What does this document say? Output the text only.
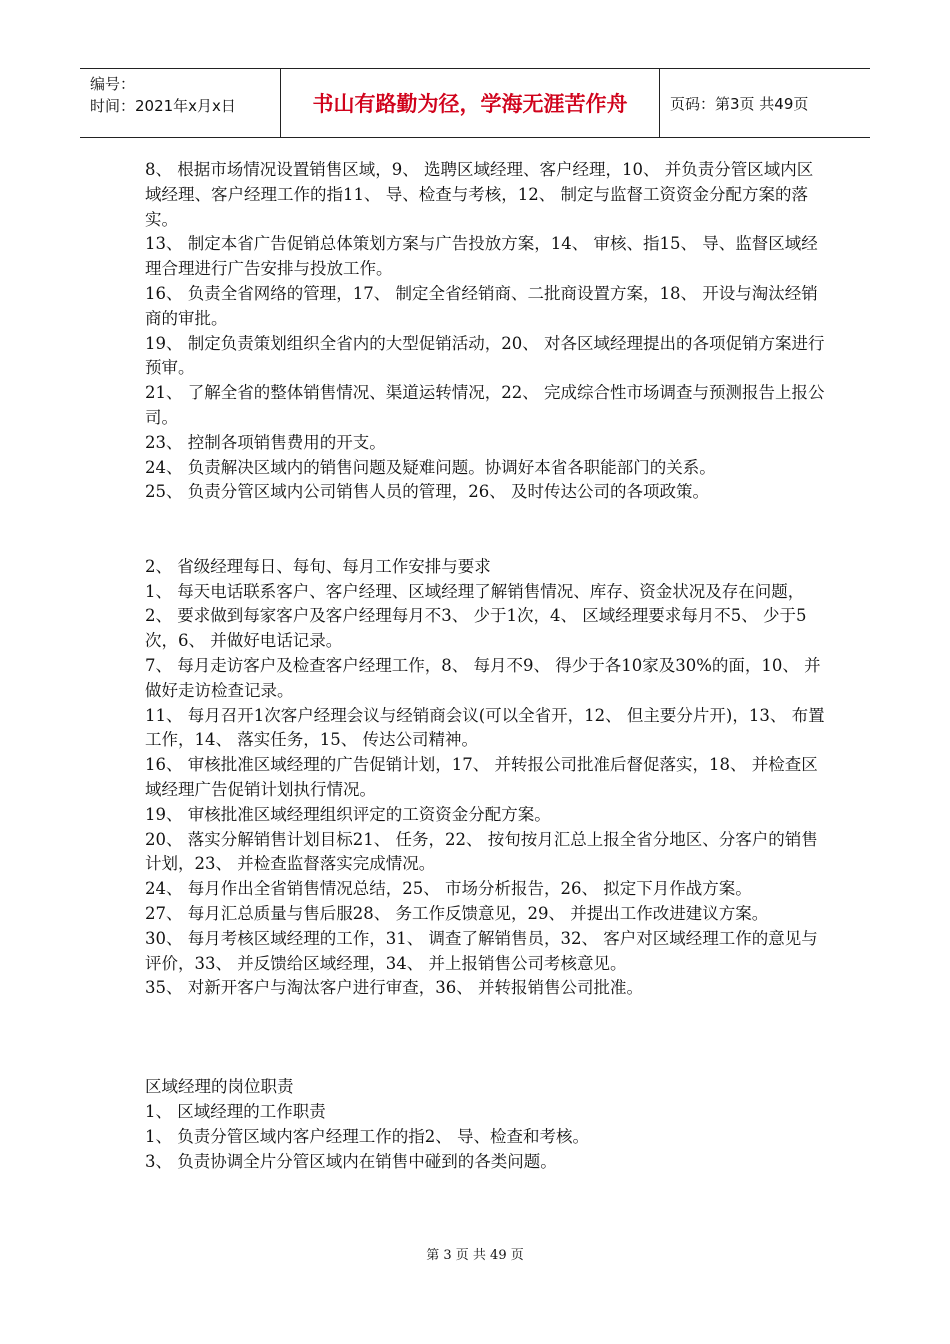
编号：
时间：2021年x月x日	书山有路勤为径，学海无涯苦作舟	页码：第3页 共49页

8、 根据市场情况设置销售区域，9、 选聘区域经理、客户经理，10、 并负责分管区域内区域经理、客户经理工作的指11、 导、检查与考核，12、 制定与监督工资资金分配方案的落实。

13、 制定本省广告促销总体策划方案与广告投放方案，14、 审核、指15、 导、监督区域经理合理进行广告安排与投放工作。

16、 负责全省网络的管理，17、 制定全省经销商、二批商设置方案，18、 开设与淘汰经销商的审批。

19、 制定负责策划组织全省内的大型促销活动，20、 对各区域经理提出的各项促销方案进行预审。

21、 了解全省的整体销售情况、渠道运转情况，22、 完成综合性市场调查与预测报告上报公司。

23、 控制各项销售费用的开支。

24、 负责解决区域内的销售问题及疑难问题。协调好本省各职能部门的关系。

25、 负责分管区域内公司销售人员的管理，26、 及时传达公司的各项政策。

2、 省级经理每日、每旬、每月工作安排与要求

1、 每天电话联系客户、客户经理、区域经理了解销售情况、库存、资金状况及存在问题，2、 要求做到每家客户及客户经理每月不3、 少于1次，4、 区域经理要求每月不5、 少于5次，6、 并做好电话记录。

7、 每月走访客户及检查客户经理工作，8、 每月不9、 得少于各10家及30%的面，10、 并做好走访检查记录。

11、 每月召开1次客户经理会议与经销商会议(可以全省开，12、 但主要分片开)，13、 布置工作，14、 落实任务，15、 传达公司精神。

16、 审核批准区域经理的广告促销计划，17、 并转报公司批准后督促落实，18、 并检查区域经理广告促销计划执行情况。

19、 审核批准区域经理组织评定的工资资金分配方案。

20、 落实分解销售计划目标21、 任务，22、 按旬按月汇总上报全省分地区、分客户的销售计划，23、 并检查监督落实完成情况。

24、 每月作出全省销售情况总结，25、 市场分析报告，26、 拟定下月作战方案。

27、 每月汇总质量与售后服28、 务工作反馈意见，29、 并提出工作改进建议方案。

30、 每月考核区域经理的工作，31、 调查了解销售员，32、 客户对区域经理工作的意见与评价，33、 并反馈给区域经理，34、 并上报销售公司考核意见。

35、 对新开客户与淘汰客户进行审查，36、 并转报销售公司批准。

区域经理的岗位职责

1、 区域经理的工作职责

1、 负责分管区域内客户经理工作的指2、 导、检查和考核。

3、 负责协调全片分管区域内在销售中碰到的各类问题。

第 3 页 共 49 页
